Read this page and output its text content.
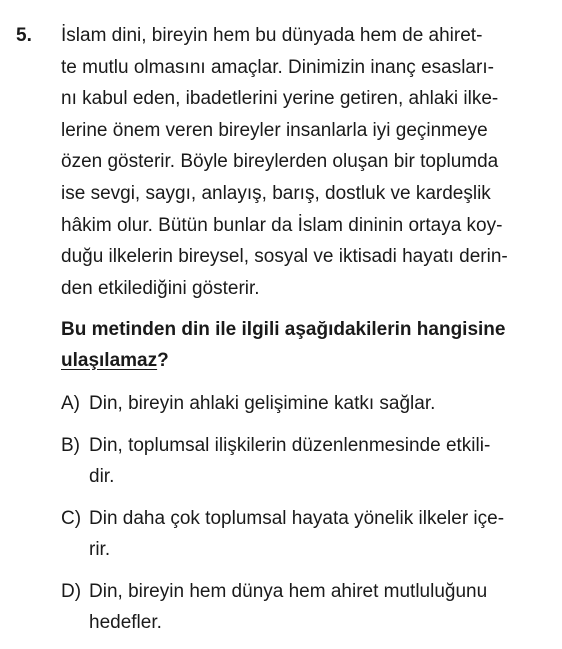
5. İslam dini, bireyin hem bu dünyada hem de ahiret-
te mutlu olmasını amaçlar. Dinimizin inanç esasları-
nı kabul eden, ibadetlerini yerine getiren, ahlaki ilke-
lerine önem veren bireyler insanlarla iyi geçinmeye
özen gösterir. Böyle bireylerden oluşan bir toplumda
ise sevgi, saygı, anlayış, barış, dostluk ve kardeşlik
hâkim olur. Bütün bunlar da İslam dininin ortaya koy-
duğu ilkelerin bireysel, sosyal ve iktisadi hayatı derin-
den etkilediğini gösterir.
Bu metinden din ile ilgili aşağıdakilerin hangisine
ulaşılamaz?
A) Din, bireyin ahlaki gelişimine katkı sağlar.
B) Din, toplumsal ilişkilerin düzenlenmesinde etkili-
dir.
C) Din daha çok toplumsal hayata yönelik ilkeler içe-
rir.
D) Din, bireyin hem dünya hem ahiret mutluluğunu
hedefler.
